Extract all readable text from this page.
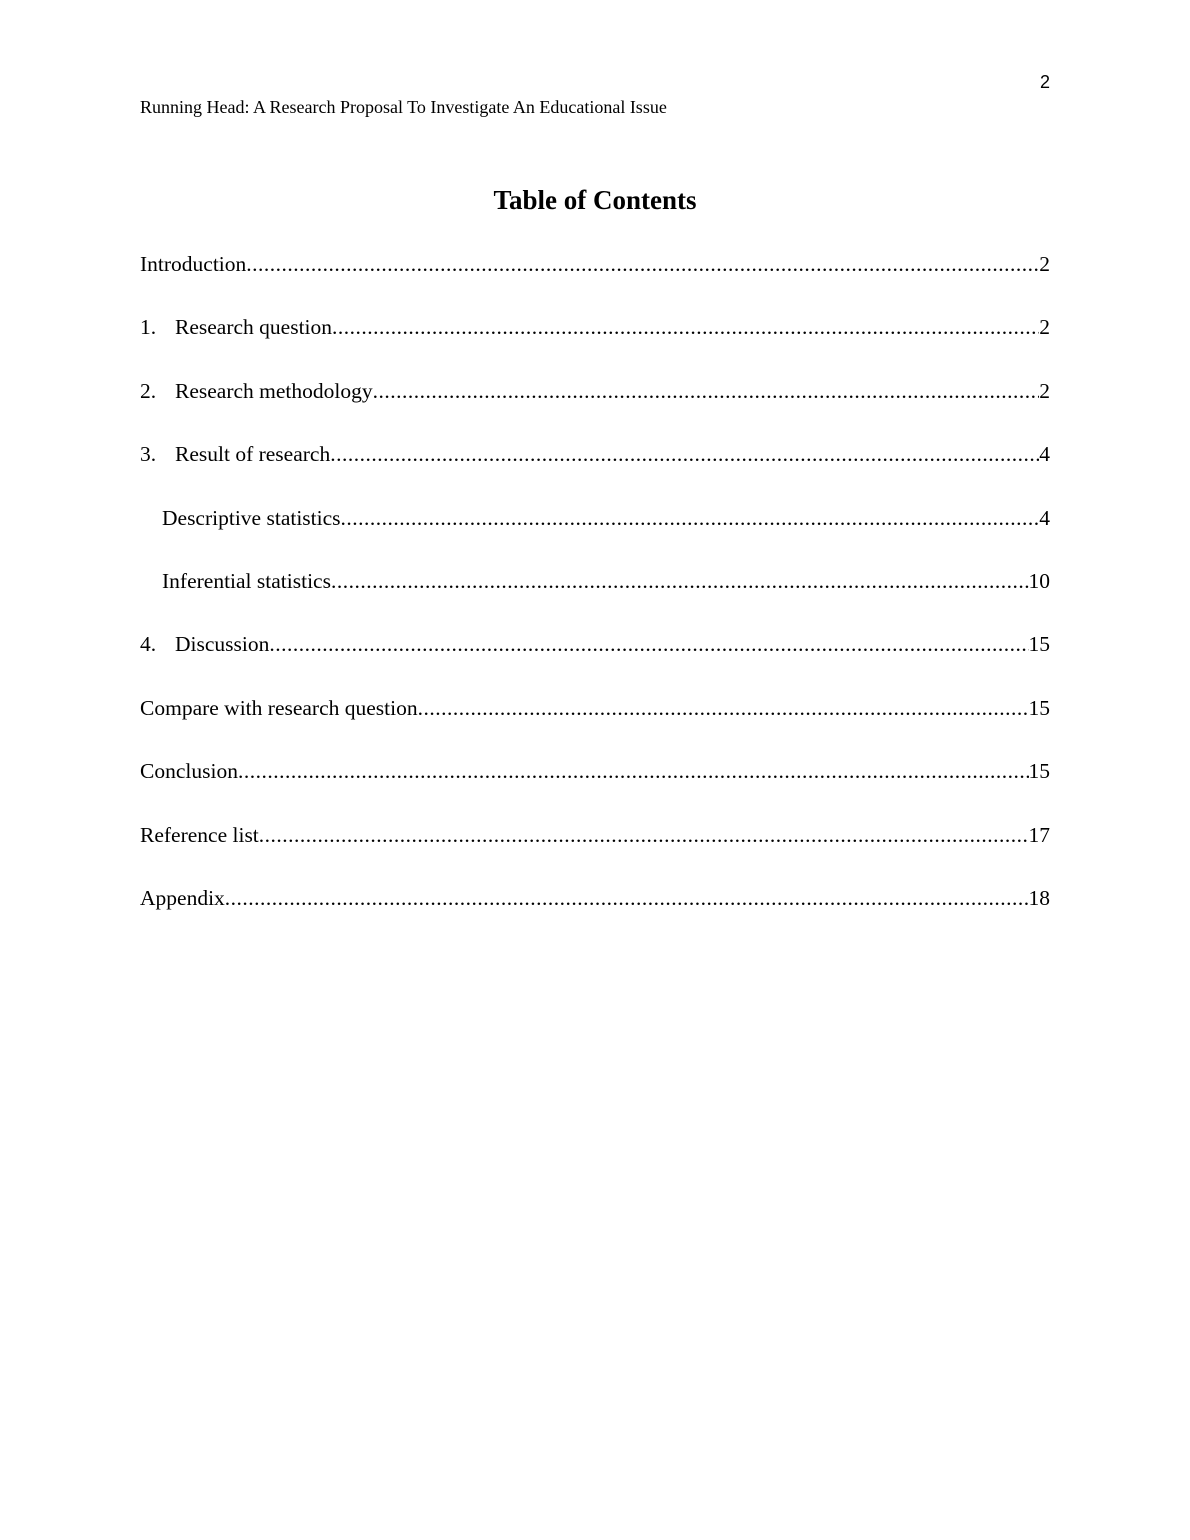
2
Running Head: A Research Proposal To Investigate An Educational Issue
Table of Contents
Introduction .....	2
1. Research question .....	2
2. Research methodology .....	2
3. Result of research .....	4
Descriptive statistics .....	4
Inferential statistics .....	10
4. Discussion .....	15
Compare with research question .....	15
Conclusion .....	15
Reference list .....	17
Appendix .....	18
